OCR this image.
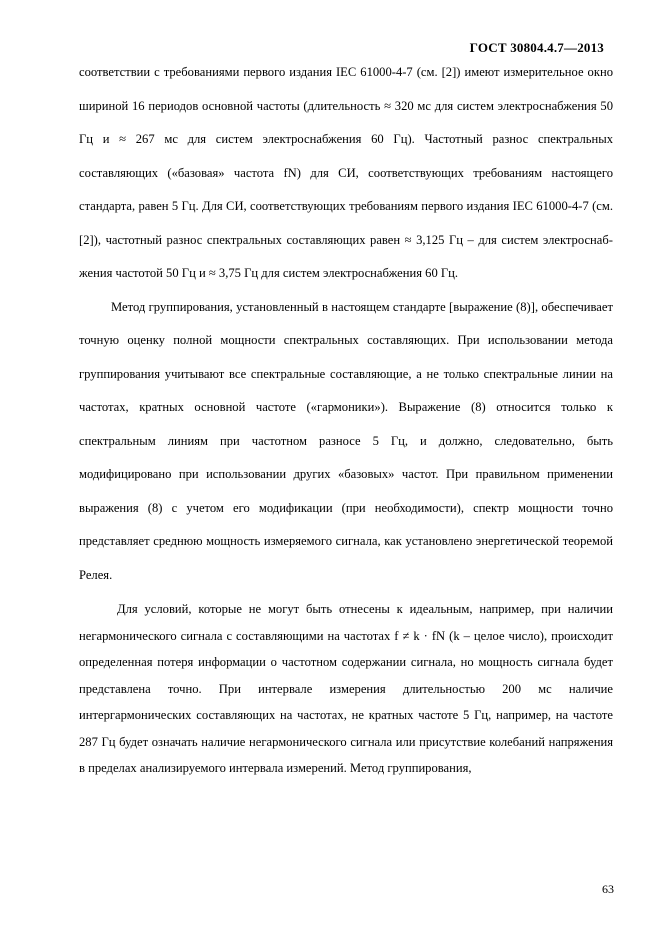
ГОСТ 30804.4.7—2013

соответствии с требованиями первого издания IEC 61000-4-7 (см. [2]) имеют измерительное окно шириной 16 периодов основной частоты (длительность ≈ 320 мс для систем электроснабжения 50 Гц и ≈ 267 мс для систем электроснабжения 60 Гц). Частотный разнос спектральных составляющих («базовая» частота fN) для СИ, соответствующих требованиям настоящего стандарта, равен 5 Гц. Для СИ, соответствующих требованиям первого издания IEC 61000-4-7 (см. [2]), частотный разнос спектральных составляющих равен ≈ 3,125 Гц – для систем электроснабжения частотой 50 Гц и ≈ 3,75 Гц для систем электроснабжения 60 Гц.

Метод группирования, установленный в настоящем стандарте [выражение (8)], обеспечивает точную оценку полной мощности спектральных составляющих. При использовании метода группирования учитывают все спектральные составляющие, а не только спектральные линии на частотах, кратных основной частоте («гармоники»). Выражение (8) относится только к спектральным линиям при частотном разносе 5 Гц, и должно, следовательно, быть модифицировано при использовании других «базовых» частот. При правильном применении выражения (8) с учетом его модификации (при необходимости), спектр мощности точно представляет среднюю мощность измеряемого сигнала, как установлено энергетической теоремой Релея.

Для условий, которые не могут быть отнесены к идеальным, например, при наличии негармонического сигнала с составляющими на частотах f ≠ k · fN (k – целое число), происходит определенная потеря информации о частотном содержании сигнала, но мощность сигнала будет представлена точно. При интервале измерения длительностью 200 мс наличие интергармонических составляющих на частотах, не кратных частоте 5 Гц, например, на частоте 287 Гц будет означать наличие негармонического сигнала или присутствие колебаний напряжения в пределах анализируемого интервала измерений. Метод группирования,

63
